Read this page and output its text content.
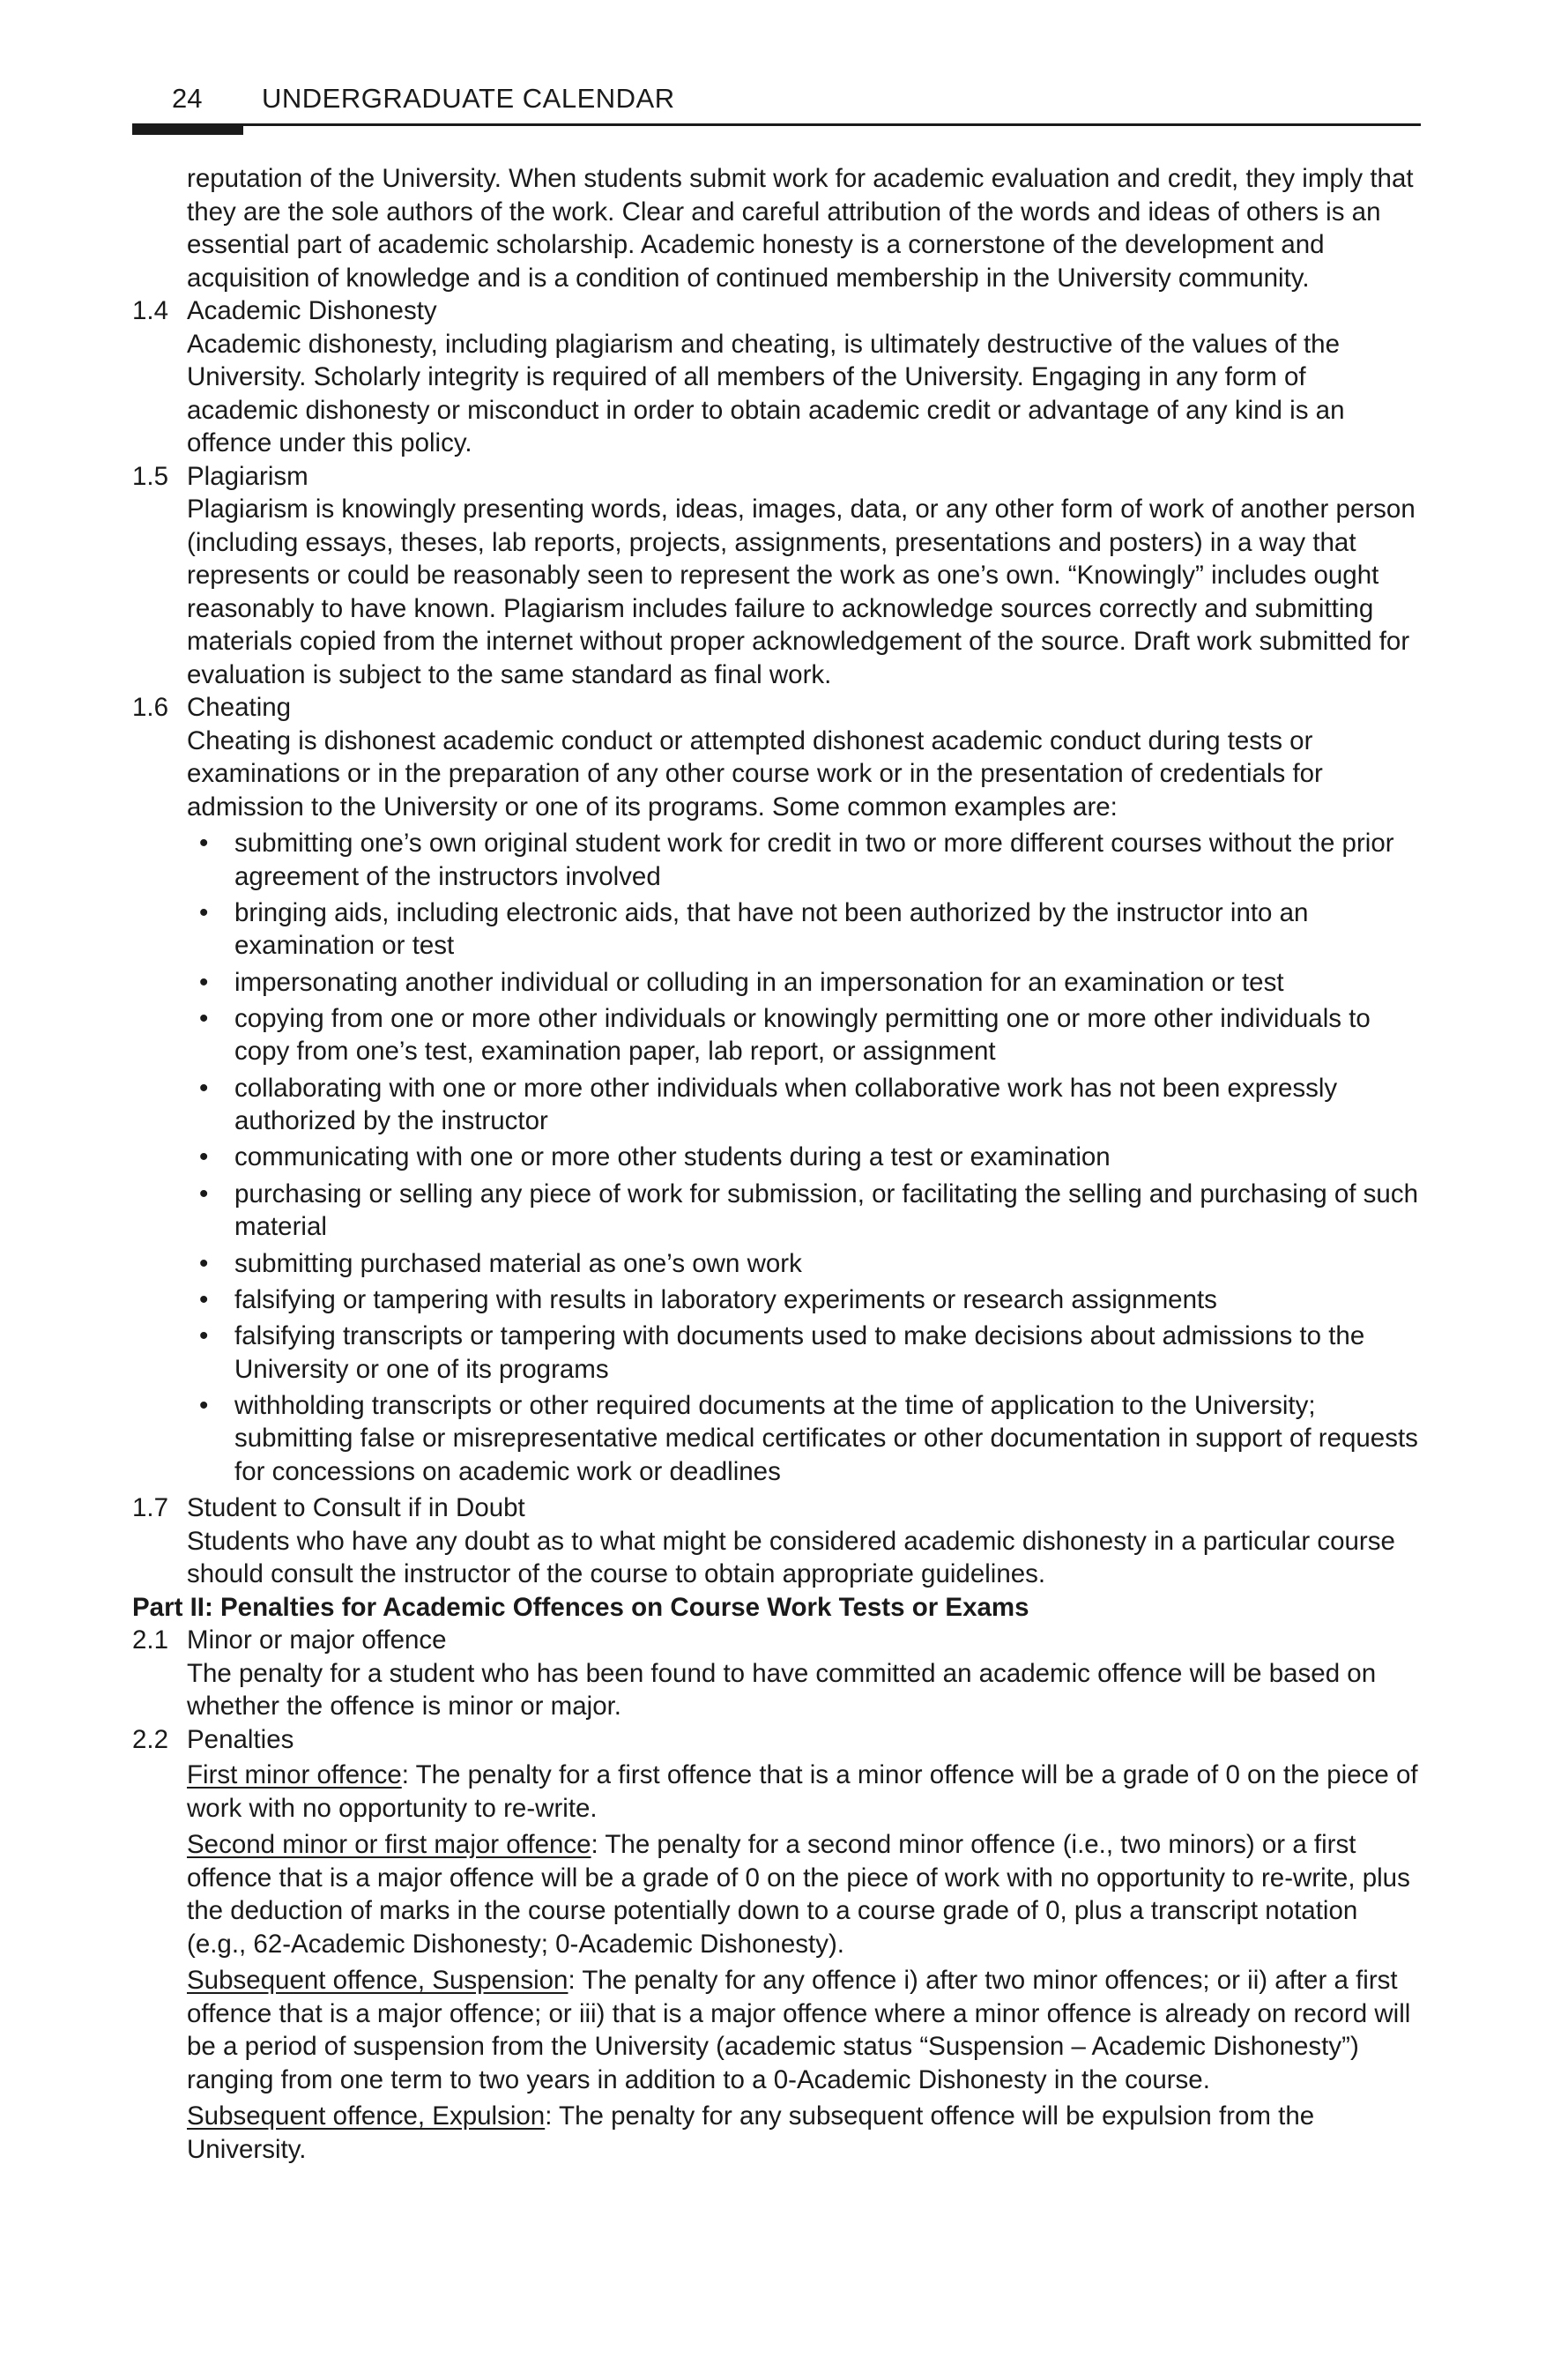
24 UNDERGRADUATE CALENDAR

reputation of the University. When students submit work for academic evaluation and credit, they imply that they are the sole authors of the work. Clear and careful attribution of the words and ideas of others is an essential part of academic scholarship. Academic honesty is a cornerstone of the development and acquisition of knowledge and is a condition of continued membership in the University community.

1.4 Academic Dishonesty
Academic dishonesty, including plagiarism and cheating, is ultimately destructive of the values of the University. Scholarly integrity is required of all members of the University. Engaging in any form of academic dishonesty or misconduct in order to obtain academic credit or advantage of any kind is an offence under this policy.
1.5 Plagiarism
Plagiarism is knowingly presenting words, ideas, images, data, or any other form of work of another person (including essays, theses, lab reports, projects, assignments, presentations and posters) in a way that represents or could be reasonably seen to represent the work as one’s own. “Knowingly” includes ought reasonably to have known. Plagiarism includes failure to acknowledge sources correctly and submitting materials copied from the internet without proper acknowledgement of the source. Draft work submitted for evaluation is subject to the same standard as final work.
1.6 Cheating
Cheating is dishonest academic conduct or attempted dishonest academic conduct during tests or examinations or in the preparation of any other course work or in the presentation of credentials for admission to the University or one of its programs. Some common examples are:
• submitting one’s own original student work for credit in two or more different courses without the prior agreement of the instructors involved
• bringing aids, including electronic aids, that have not been authorized by the instructor into an examination or test
• impersonating another individual or colluding in an impersonation for an examination or test
• copying from one or more other individuals or knowingly permitting one or more other individuals to copy from one’s test, examination paper, lab report, or assignment
• collaborating with one or more other individuals when collaborative work has not been expressly authorized by the instructor
• communicating with one or more other students during a test or examination
• purchasing or selling any piece of work for submission, or facilitating the selling and purchasing of such material
• submitting purchased material as one’s own work
• falsifying or tampering with results in laboratory experiments or research assignments
• falsifying transcripts or tampering with documents used to make decisions about admissions to the University or one of its programs
• withholding transcripts or other required documents at the time of application to the University; submitting false or misrepresentative medical certificates or other documentation in support of requests for concessions on academic work or deadlines
1.7 Student to Consult if in Doubt
Students who have any doubt as to what might be considered academic dishonesty in a particular course should consult the instructor of the course to obtain appropriate guidelines.

Part II: Penalties for Academic Offences on Course Work Tests or Exams

2.1 Minor or major offence
The penalty for a student who has been found to have committed an academic offence will be based on whether the offence is minor or major.
2.2 Penalties

First minor offence: The penalty for a first offence that is a minor offence will be a grade of 0 on the piece of work with no opportunity to re-write.

Second minor or first major offence: The penalty for a second minor offence (i.e., two minors) or a first offence that is a major offence will be a grade of 0 on the piece of work with no opportunity to re-write, plus the deduction of marks in the course potentially down to a course grade of 0, plus a transcript notation (e.g., 62-Academic Dishonesty; 0-Academic Dishonesty).

Subsequent offence, Suspension: The penalty for any offence i) after two minor offences; or ii) after a first offence that is a major offence; or iii) that is a major offence where a minor offence is already on record will be a period of suspension from the University (academic status “Suspension – Academic Dishonesty”) ranging from one term to two years in addition to a 0-Academic Dishonesty in the course.

Subsequent offence, Expulsion: The penalty for any subsequent offence will be expulsion from the University.
